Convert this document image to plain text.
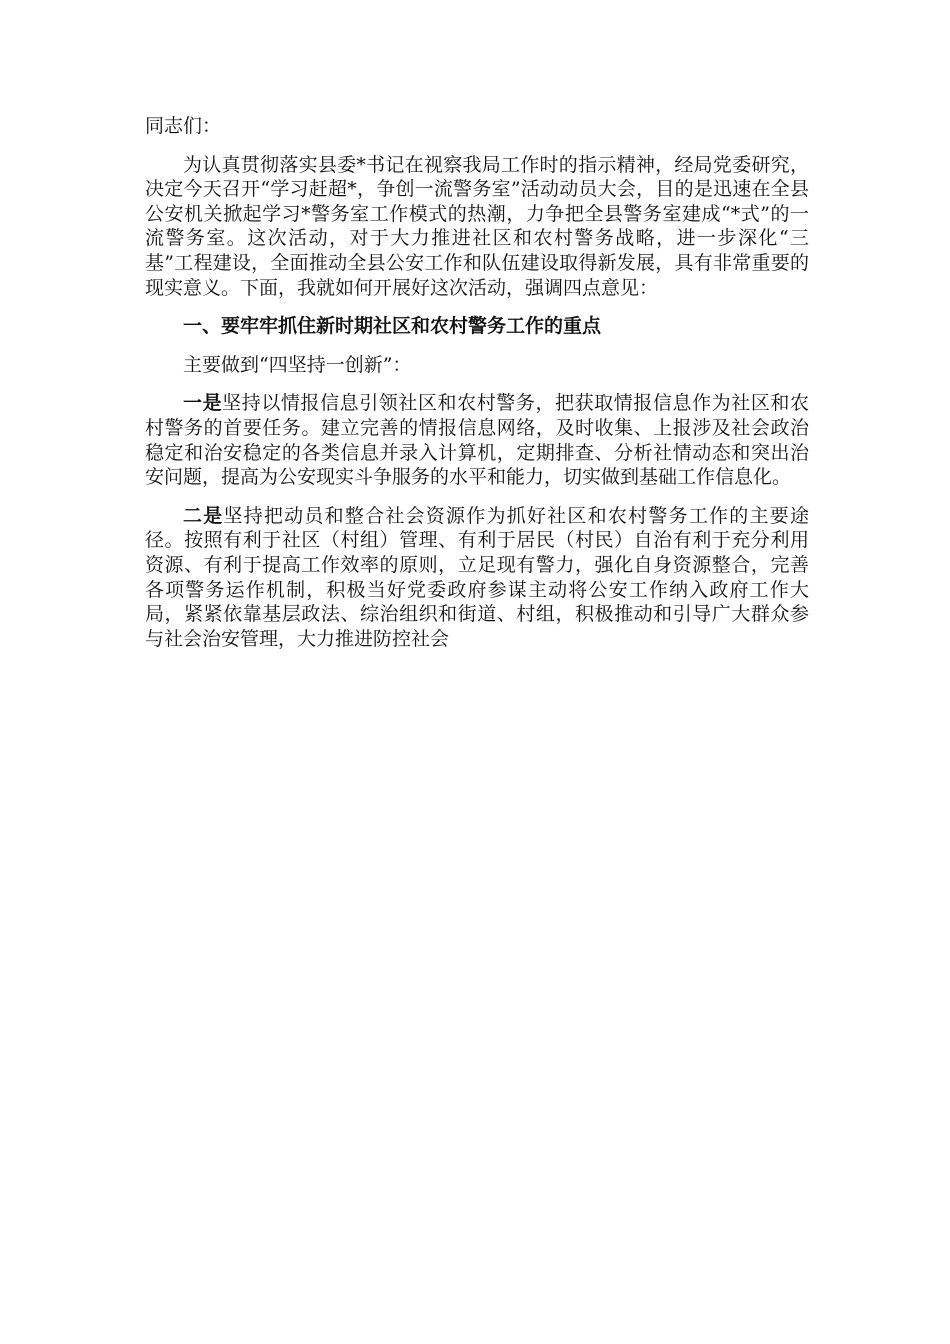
同志们：

为认真贯彻落实县委*书记在视察我局工作时的指示精神，经局党委研究，决定今天召开“学习赶超*，争创一流警务室”活动动员大会，目的是迅速在全县公安机关掀起学习*警务室工作模式的热潮，力争把全县警务室建成“*式”的一流警务室。这次活动，对于大力推进社区和农村警务战略，进一步深化“三基”工程建设，全面推动全县公安工作和队伍建设取得新发展，具有非常重要的现实意义。下面，我就如何开展好这次活动，强调四点意见：

一、要牢牢抓住新时期社区和农村警务工作的重点

主要做到“四坚持一创新”：

一是坚持以情报信息引领社区和农村警务，把获取情报信息作为社区和农村警务的首要任务。建立完善的情报信息网络，及时收集、上报涉及社会政治稳定和治安稳定的各类信息并录入计算机，定期排查、分析社情动态和突出治安问题，提高为公安现实斗争服务的水平和能力，切实做到基础工作信息化。

二是坚持把动员和整合社会资源作为抓好社区和农村警务工作的主要途径。按照有利于社区（村组）管理、有利于居民（村民）自治有利于充分利用资源、有利于提高工作效率的原则，立足现有警力，强化自身资源整合，完善各项警务运作机制，积极当好党委政府参谋主动将公安工作纳入政府工作大局，紧紧依靠基层政法、综治组织和街道、村组，积极推动和引导广大群众参与社会治安管理，大力推进防控社会
